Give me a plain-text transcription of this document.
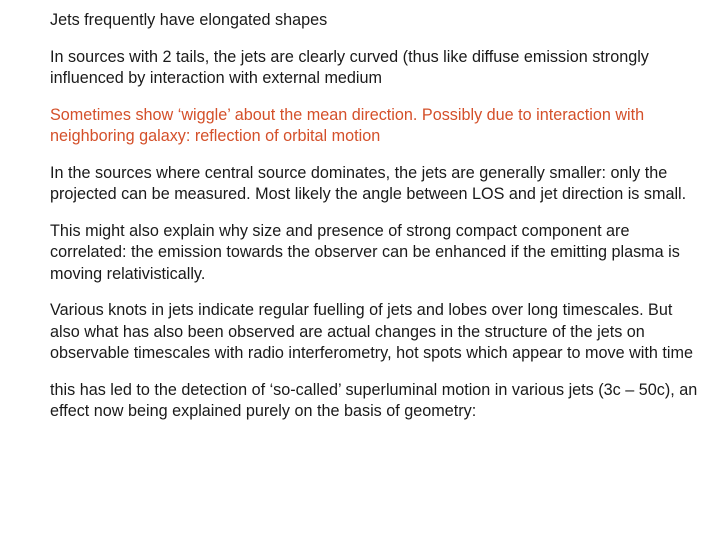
Jets frequently have elongated shapes

In sources with 2 tails, the jets are clearly curved (thus like diffuse emission strongly influenced by interaction with external medium

Sometimes show ‘wiggle’ about the mean direction. Possibly due to interaction with neighboring galaxy: reflection of orbital motion

In the sources where central source dominates, the jets are generally smaller: only the projected can be measured. Most likely the angle between LOS and jet direction is small.

This might also explain why size and presence of strong compact component are correlated: the emission towards the observer can be enhanced if the emitting plasma is moving relativistically.

Various knots in jets indicate regular fuelling of jets and lobes over long timescales. But also what has also been observed are actual changes in the structure of the jets on observable timescales with radio interferometry, hot spots which appear to move with time

this has led to the detection of ‘so-called’ superluminal motion in various jets (3c – 50c), an effect now being explained purely on the basis of geometry:
